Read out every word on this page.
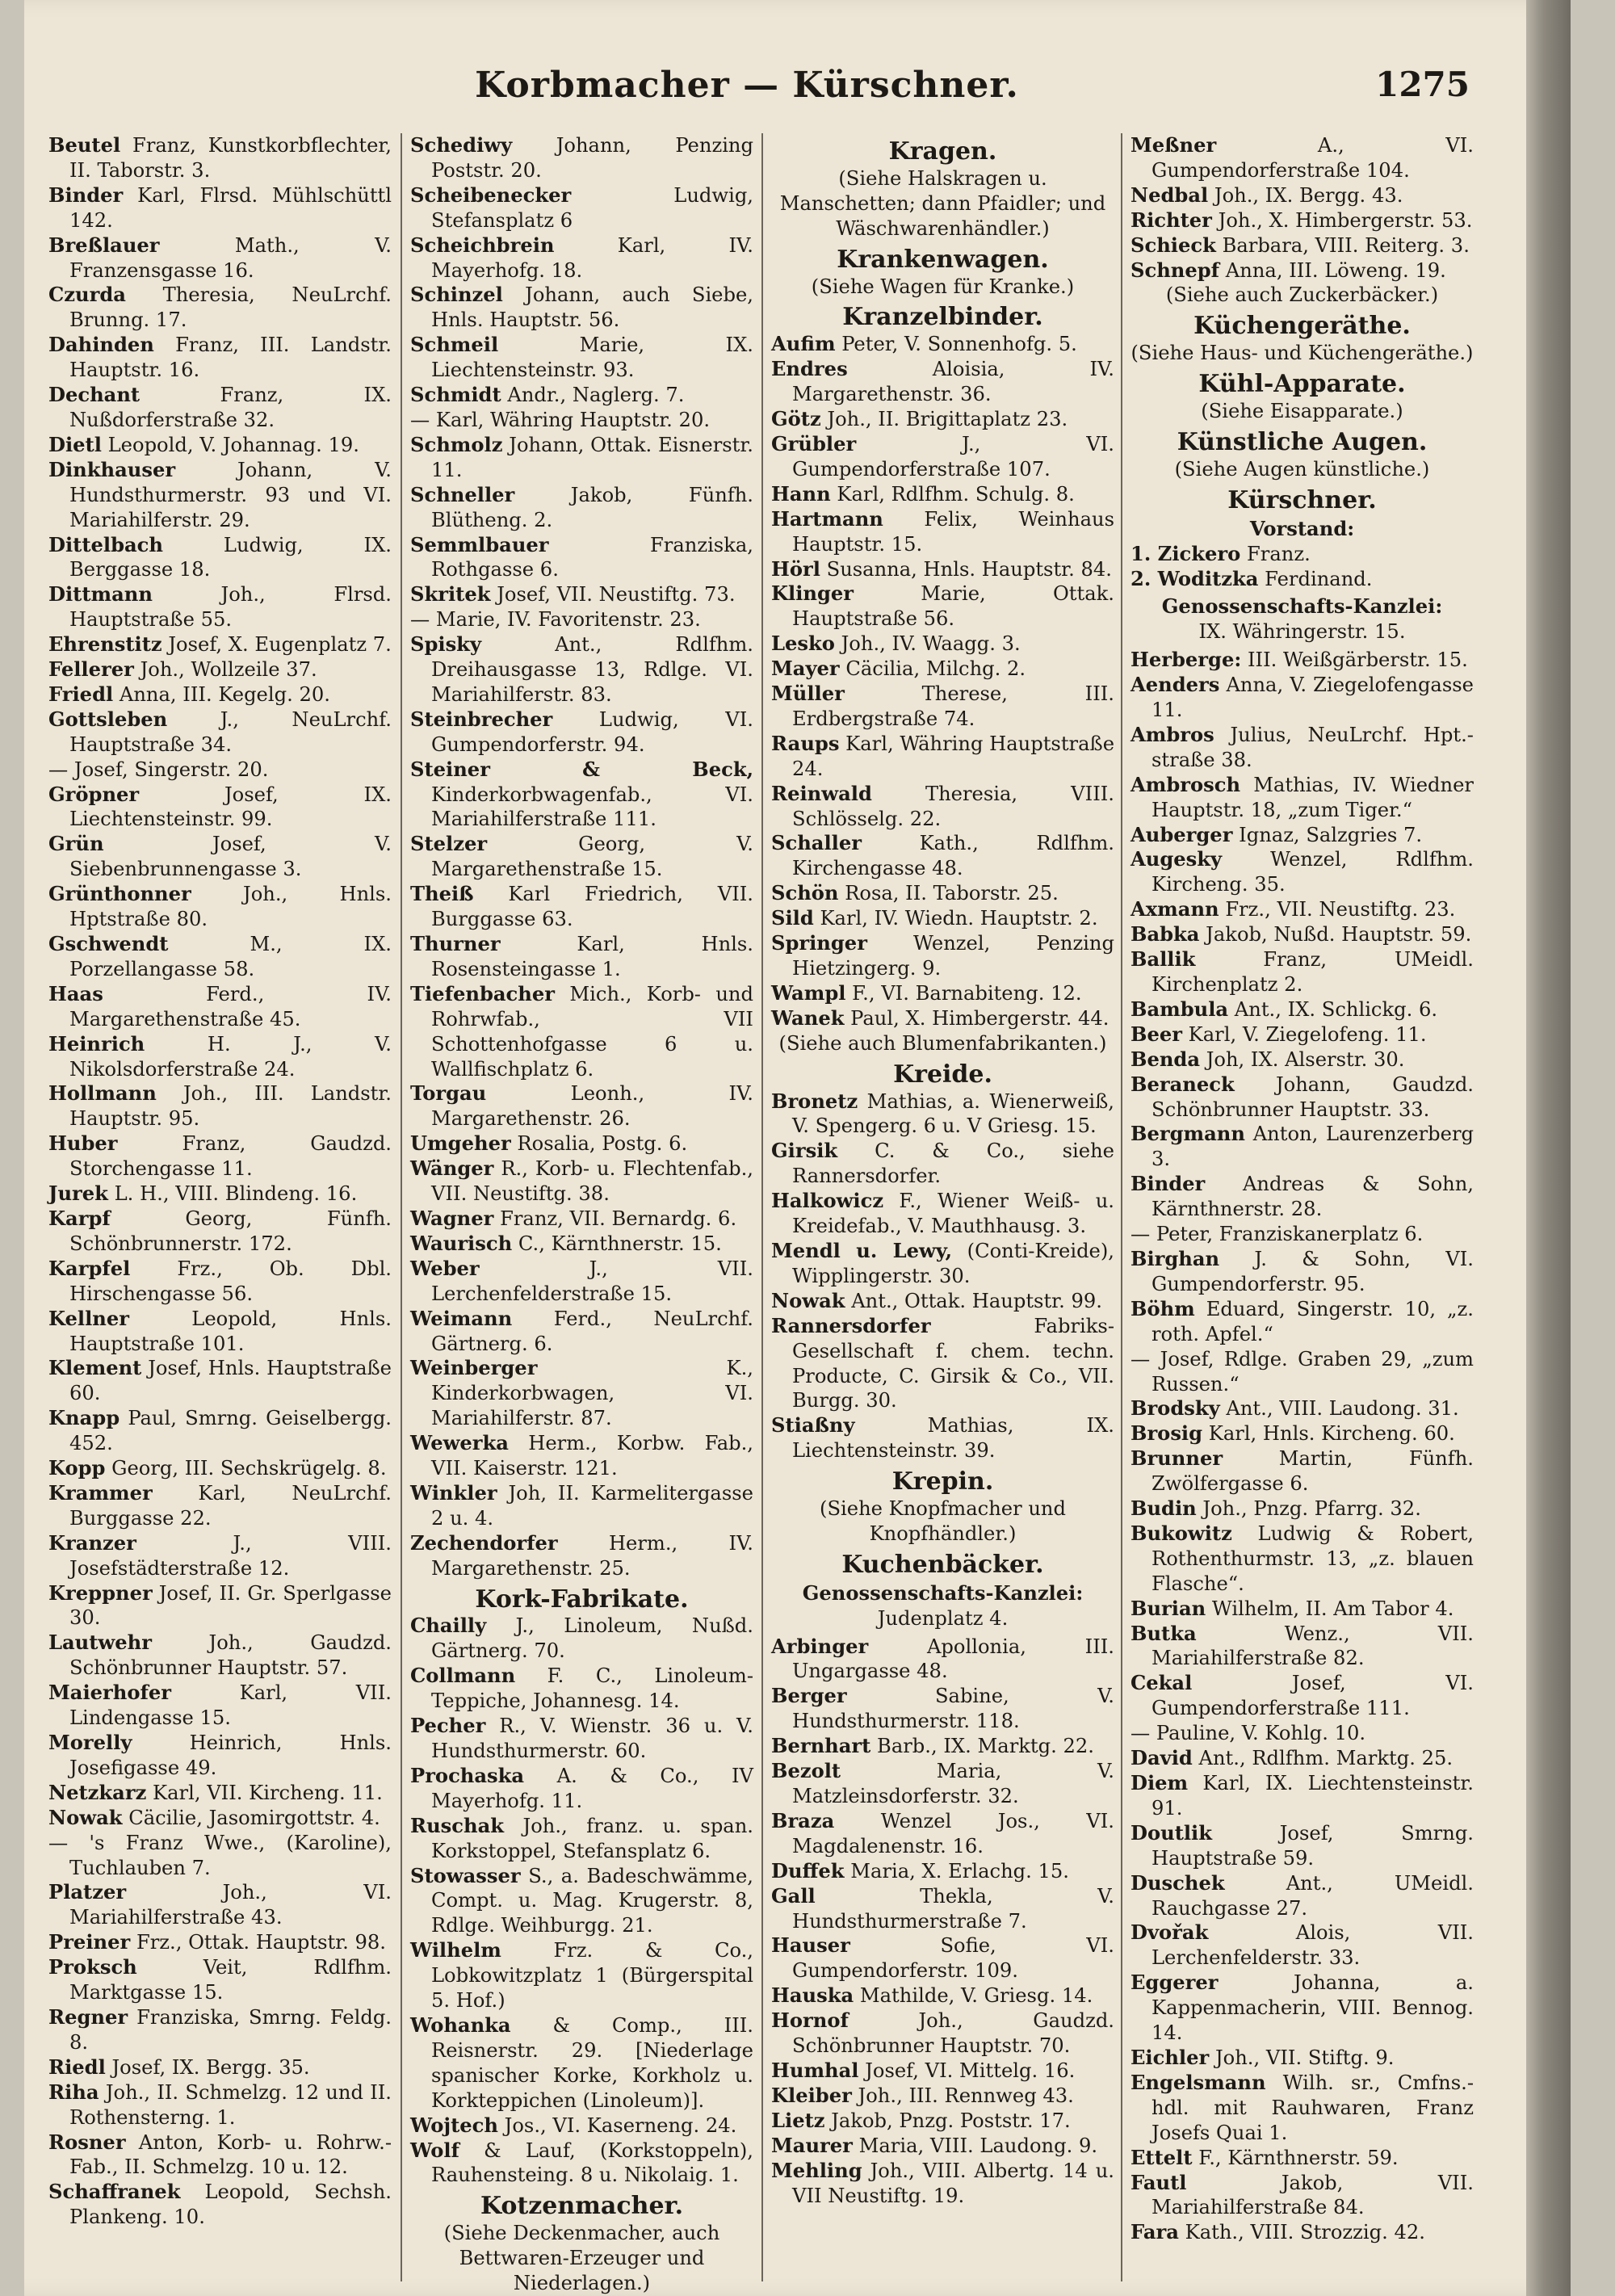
Korbmacher — Kürschner.	1275

Beutel Franz, Kunstkorbflechter, II. Taborstr. 3.

Binder Karl, Flrsd. Mühlschüttl 142.

Breßlauer	Math., V. Franzensgasse 16.

Czurda Theresia, NeuLrchf. Brunng. 17.

Dahinden Franz, III. Landstr. Hauptstr. 16.

Dechant	Franz, IX. Nußdorferstraße 32.

Dietl Leopold, V. Johannag. 19.

Dinkhauser	Johann, V. Hundsthurmerstr. 93 und VI. Mariahilferstr. 29.

Dittelbach	Ludwig, IX. Berggasse 18.

Dittmann	Joh., Flrsd. Hauptstraße 55.

Ehrenstitz Josef, X. Eugenplatz 7.

Fellerer Joh., Wollzeile 37.

Friedl Anna, III. Kegelg. 20.

Gottsleben	J., NeuLrchf. Hauptstraße 34.

— Josef, Singerstr. 20.

Gröpner	Josef, IX. Liechtensteinstr. 99.

Grün	Josef, V. Siebenbrunnengasse 3.

Grünthonner	Joh., Hnls. Hptstraße 80.

Gschwendt	M., IX. Porzellangasse 58.

Haas	Ferd., IV. Margarethenstraße 45.

Heinrich	H. J., V. Nikolsdorferstraße 24.

Hollmann Joh., III. Landstr. Hauptstr. 95.

Huber	Franz, Gaudzd. Storchengasse 11.

Jurek L. H., VIII. Blindeng. 16.

Karpf	Georg, Fünfh. Schönbrunnerstr. 172.

Karpfel Frz., Ob. Dbl. Hirschengasse 56.

Kellner	Leopold, Hnls. Hauptstraße 101.

Klement Josef, Hnls. Hauptstraße 60.

Knapp Paul, Smrng. Geiselbergg. 452.

Kopp Georg, III. Sechskrügelg. 8.

Krammer Karl, NeuLrchf. Burggasse 22.

Kranzer	J., VIII. Josefstädterstraße 12.

Kreppner Josef, II. Gr. Sperlgasse 30.

Lautwehr	Joh., Gaudzd. Schönbrunner Hauptstr. 57.

Maierhofer	Karl, VII. Lindengasse 15.

Morelly	Heinrich, Hnls. Josefigasse 49.

Netzkarz Karl, VII. Kircheng. 11.

Nowak Cäcilie, Jasomirgottstr. 4.

— 's Franz Wwe., (Karoline), Tuchlauben 7.

Platzer	Joh., VI. Mariahilferstraße 43.

Preiner Frz., Ottak. Hauptstr. 98.

Proksch	Veit, Rdlfhm. Marktgasse 15.

Regner Franziska, Smrng. Feldg. 8.

Riedl Josef, IX. Bergg. 35.

Riha Joh., II. Schmelzg. 12 und II. Rothensterng. 1.

Rosner Anton, Korb- u. Rohrw.-Fab., II. Schmelzg. 10 u. 12.

Schaffranek Leopold, Sechsh. Plankeng. 10.

Schediwy Johann, Penzing Poststr. 20.

Scheibenecker	Ludwig, Stefansplatz 6

Scheichbrein	Karl, IV. Mayerhofg. 18.

Schinzel Johann, auch Siebe, Hnls. Hauptstr. 56.

Schmeil	Marie, IX. Liechtensteinstr. 93.

Schmidt Andr., Naglerg. 7.

— Karl, Währing Hauptstr. 20.

Schmolz Johann, Ottak. Eisnerstr. 11.

Schneller	Jakob, Fünfh. Blütheng. 2.

Semmlbauer	Franziska, Rothgasse 6.

Skritek Josef, VII. Neustiftg. 73.

— Marie, IV. Favoritenstr. 23.

Spisky	Ant., Rdlfhm. Dreihausgasse 13, Rdlge. VI. Mariahilferstr. 83.

Steinbrecher Ludwig, VI. Gumpendorferstr. 94.

Steiner & Beck, Kinderkorbwagenfab., VI. Mariahilferstraße 111.

Stelzer	Georg, V. Margarethenstraße 15.

Theiß Karl Friedrich, VII. Burggasse 63.

Thurner	Karl, Hnls. Rosensteingasse 1.

Tiefenbacher Mich., Korb- und Rohrwfab., VII Schottenhofgasse 6 u. Wallfischplatz 6.

Torgau	Leonh., IV. Margarethenstr. 26.

Umgeher Rosalia, Postg. 6.

Wänger R., Korb- u. Flechtenfab., VII. Neustiftg. 38.

Wagner Franz, VII. Bernardg. 6.

Waurisch C., Kärnthnerstr. 15.

Weber	J., VII. Lerchenfelderstraße 15.

Weimann Ferd., NeuLrchf. Gärtnerg. 6.

Weinberger	K., Kinderkorbwagen, VI. Mariahilferstr. 87.

Wewerka Herm., Korbw. Fab., VII. Kaiserstr. 121.

Winkler Joh, II. Karmelitergasse 2 u. 4.

Zechendorfer	Herm., IV. Margarethenstr. 25.

Kork-Fabrikate.

Chailly J., Linoleum, Nußd. Gärtnerg. 70.

Collmann F. C., Linoleum-Teppiche, Johannesg. 14.

Pecher R., V. Wienstr. 36 u. V. Hundsthurmerstr. 60.

Prochaska A. & Co., IV Mayerhofg. 11.

Ruschak Joh., franz. u. span. Korkstoppel, Stefansplatz 6.

Stowasser S., a. Badeschwämme, Compt. u. Mag. Krugerstr. 8, Rdlge. Weihburgg. 21.

Wilhelm	Frz. & Co., Lobkowitzplatz 1 (Bürgerspital 5. Hof.)

Wohanka & Comp., III. Reisnerstr. 29. [Niederlage spanischer Korke, Korkholz u. Korkteppichen (Linoleum)].

Wojtech Jos., VI. Kaserneng. 24.

Wolf & Lauf, (Korkstoppeln), Rauhensteing. 8 u. Nikolaig. 1.

Kotzenmacher.
(Siehe Deckenmacher, auch Bettwaren-Erzeuger und Niederlagen.)
Kragen.
(Siehe Halskragen u. Manschetten; dann Pfaidler; und Wäschwarenhändler.)
Krankenwagen.
(Siehe Wagen für Kranke.)
Kranzelbinder.

Aufim Peter, V. Sonnenhofg. 5.

Endres	Aloisia, IV. Margarethenstr. 36.

Götz Joh., II. Brigittaplatz 23.

Grübler	J., VI. Gumpendorferstraße 107.

Hann Karl, Rdlfhm. Schulg. 8.

Hartmann Felix, Weinhaus Hauptstr. 15.

Hörl Susanna, Hnls. Hauptstr. 84.

Klinger	Marie, Ottak. Hauptstraße 56.

Lesko Joh., IV. Waagg. 3.

Mayer Cäcilia, Milchg. 2.

Müller	Therese, III. Erdbergstraße 74.

Raups Karl, Währing Hauptstraße 24.

Reinwald	Theresia, VIII. Schlösselg. 22.

Schaller	Kath., Rdlfhm. Kirchengasse 48.

Schön Rosa, II. Taborstr. 25.

Sild Karl, IV. Wiedn. Hauptstr. 2.

Springer Wenzel, Penzing Hietzingerg. 9.

Wampl F., VI. Barnabiteng. 12.

Wanek Paul, X. Himbergerstr. 44.

(Siehe auch Blumenfabrikanten.)
Kreide.

Bronetz Mathias, a. Wienerweiß, V. Spengerg. 6 u. V Griesg. 15.

Girsik C. & Co., siehe Rannersdorfer.

Halkowicz F., Wiener Weiß- u. Kreidefab., V. Mauthhausg. 3.

Mendl u. Lewy, (Conti-Kreide), Wipplingerstr. 30.

Nowak Ant., Ottak. Hauptstr. 99.

Rannersdorfer	Fabriks-Gesellschaft f. chem. techn. Producte, C. Girsik & Co., VII. Burgg. 30.

Stiaßny	Mathias, IX. Liechtensteinstr. 39.

Krepin.
(Siehe Knopfmacher und Knopfhändler.)
Kuchenbäcker.
Genossenschafts-Kanzlei:
Judenplatz 4.

Arbinger	Apollonia, III. Ungargasse 48.

Berger	Sabine, V. Hundsthurmerstr. 118.

Bernhart Barb., IX. Marktg. 22.

Bezolt	Maria, V. Matzleinsdorferstr. 32.

Braza Wenzel Jos., VI. Magdalenenstr. 16.

Duffek Maria, X. Erlachg. 15.

Gall	Thekla, V. Hundsthurmerstraße 7.

Hauser	Sofie, VI. Gumpendorferstr. 109.

Hauska Mathilde, V. Griesg. 14.

Hornof	Joh., Gaudzd. Schönbrunner Hauptstr. 70.

Humhal Josef, VI. Mittelg. 16.

Kleiber Joh., III. Rennweg 43.

Lietz Jakob, Pnzg. Poststr. 17.

Maurer Maria, VIII. Laudong. 9.

Mehling Joh., VIII. Albertg. 14 u. VII Neustiftg. 19.

Meßner	A., VI. Gumpendorferstraße 104.

Nedbal Joh., IX. Bergg. 43.

Richter Joh., X. Himbergerstr. 53.

Schieck Barbara, VIII. Reiterg. 3.

Schnepf Anna, III. Löweng. 19.

(Siehe auch Zuckerbäcker.)
Küchengeräthe.
(Siehe Haus- und Küchengeräthe.)
Kühl-Apparate.
(Siehe Eisapparate.)
Künstliche Augen.
(Siehe Augen künstliche.)
Kürschner.
Vorstand:

1. Zickero Franz.

2. Woditzka Ferdinand.

Genossenschafts-Kanzlei:
IX. Währingerstr. 15.

Herberge: III. Weißgärberstr. 15.

Aenders Anna, V. Ziegelofengasse 11.

Ambros Julius, NeuLrchf. Hpt.-straße 38.

Ambrosch Mathias, IV. Wiedner Hauptstr. 18, „zum Tiger.“

Auberger Ignaz, Salzgries 7.

Augesky Wenzel, Rdlfhm. Kircheng. 35.

Axmann Frz., VII. Neustiftg. 23.

Babka Jakob, Nußd. Hauptstr. 59.

Ballik	Franz, UMeidl. Kirchenplatz 2.

Bambula Ant., IX. Schlickg. 6.

Beer Karl, V. Ziegelofeng. 11.

Benda Joh, IX. Alserstr. 30.

Beraneck Johann, Gaudzd. Schönbrunner Hauptstr. 33.

Bergmann Anton, Laurenzerberg 3.

Binder Andreas & Sohn, Kärnthnerstr. 28.

— Peter, Franziskanerplatz 6.

Birghan J. & Sohn, VI. Gumpendorferstr. 95.

Böhm Eduard, Singerstr. 10, „z. roth. Apfel.“

— Josef, Rdlge. Graben 29, „zum Russen.“

Brodsky Ant., VIII. Laudong. 31.

Brosig Karl, Hnls. Kircheng. 60.

Brunner	Martin, Fünfh. Zwölfergasse 6.

Budin Joh., Pnzg. Pfarrg. 32.

Bukowitz Ludwig & Robert, Rothenthurmstr. 13, „z. blauen Flasche“.

Burian Wilhelm, II. Am Tabor 4.

Butka	Wenz., VII. Mariahilferstraße 82.

Cekal	Josef, VI. Gumpendorferstraße 111.

— Pauline, V. Kohlg. 10.

David Ant., Rdlfhm. Marktg. 25.

Diem Karl, IX. Liechtensteinstr. 91.

Doutlik	Josef, Smrng. Hauptstraße 59.

Duschek	Ant., UMeidl. Rauchgasse 27.

Dvořak	Alois, VII. Lerchenfelderstr. 33.

Eggerer	Johanna, a. Kappenmacherin, VIII. Bennog. 14.

Eichler Joh., VII. Stiftg. 9.

Engelsmann Wilh. sr., Cmfns.-hdl. mit Rauhwaren, Franz Josefs Quai 1.

Ettelt F., Kärnthnerstr. 59.

Fautl	Jakob, VII. Mariahilferstraße 84.

Fara Kath., VIII. Strozzig. 42.
